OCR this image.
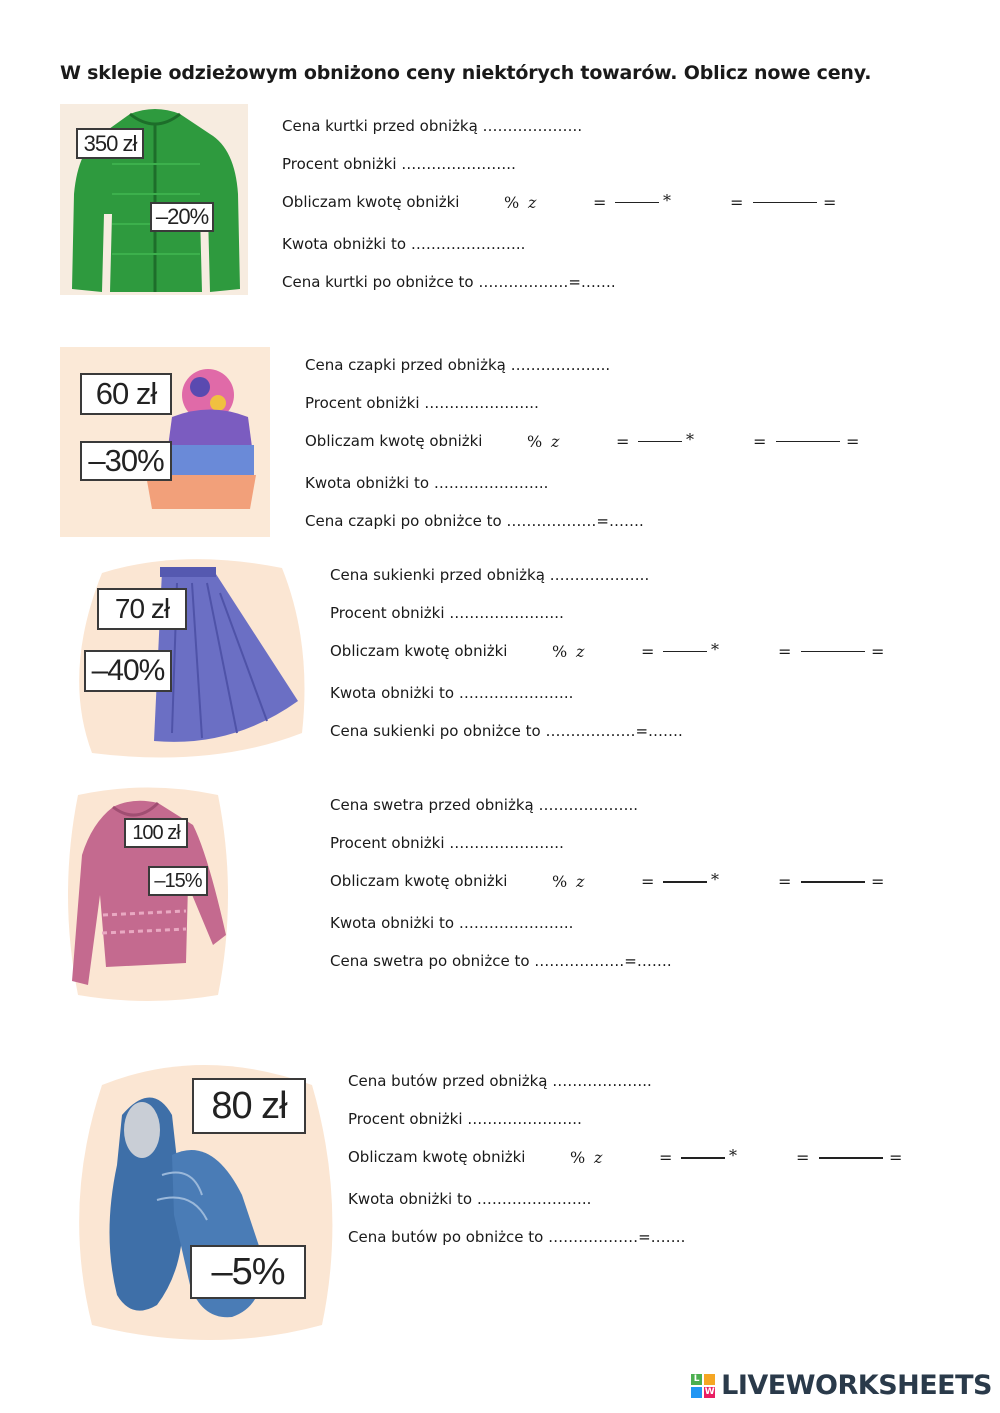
W sklepie odzieżowym obniżono ceny niektórych towarów. Oblicz nowe ceny.
350 zł
–20%
Cena kurtki przed obniżką ………………..
Procent obniżki …………………..
Obliczam kwotę obniżki	% z	=	*	=	=
Kwota obniżki to …………………..
Cena kurtki po obniżce to ………………=…….
60 zł
–30%
Cena czapki przed obniżką ………………..
Procent obniżki …………………..
Obliczam kwotę obniżki	% z	=	*	=	=
Kwota obniżki to …………………..
Cena czapki po obniżce to ………………=…….
70 zł
–40%
Cena sukienki przed obniżką ………………..
Procent obniżki …………………..
Obliczam kwotę obniżki	% z	=	*	=	=
Kwota obniżki to …………………..
Cena sukienki po obniżce to ………………=…….
100 zł
–15%
Cena swetra przed obniżką ………………..
Procent obniżki …………………..
Obliczam kwotę obniżki	% z	=	*	=	=
Kwota obniżki to …………………..
Cena swetra po obniżce to ………………=…….
80 zł
–5%
Cena butów przed obniżką ………………..
Procent obniżki …………………..
Obliczam kwotę obniżki	% z	=	*	=	=
Kwota obniżki to …………………..
Cena butów po obniżce to ………………=…….
L
W LIVEWORKSHEETS
